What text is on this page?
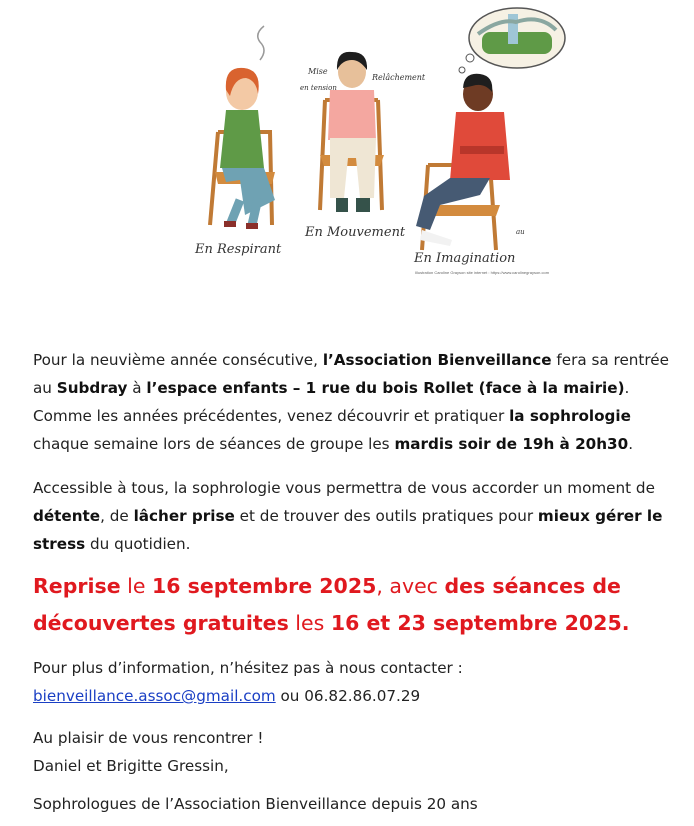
En Respirant
En Mouvement
En Imagination
au
Mise
en tension
Relâchement
Illustration Caroline Grayson site internet : https://www.carolinegrayson.com
Pour la neuvième année consécutive, l’Association Bienveillance fera sa rentrée au Subdray à l’espace enfants – 1 rue du bois Rollet (face à la mairie). Comme les années précédentes, venez découvrir et pratiquer la sophrologie chaque semaine lors de séances de groupe les mardis soir de 19h à 20h30.
Accessible à tous, la sophrologie vous permettra de vous accorder un moment de détente, de lâcher prise et de trouver des outils pratiques pour mieux gérer le stress du quotidien.
Reprise le 16 septembre 2025, avec des séances de découvertes gratuites les 16 et 23 septembre 2025.
Pour plus d’information, n’hésitez pas à nous contacter :
bienveillance.assoc@gmail.com ou 06.82.86.07.29
Au plaisir de vous rencontrer !
Daniel et Brigitte Gressin,
Sophrologues de l’Association Bienveillance depuis 20 ans
